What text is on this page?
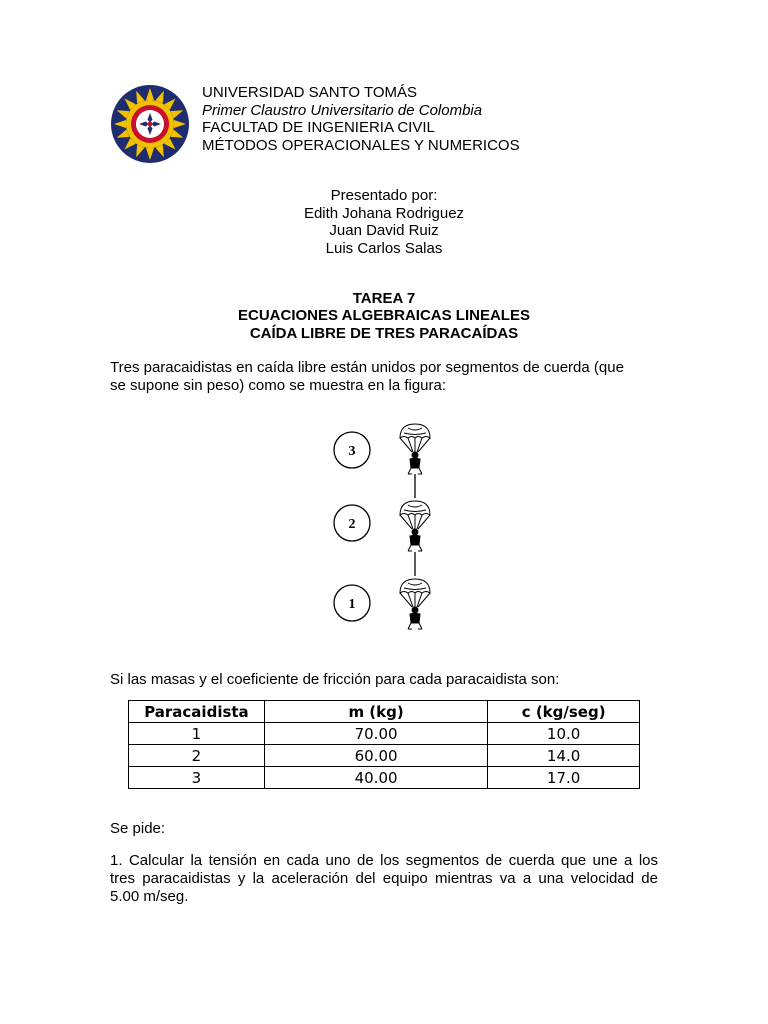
UNIVERSIDAD SANTO TOMÁS
Primer Claustro Universitario de Colombia
FACULTAD DE INGENIERIA CIVIL
MÉTODOS OPERACIONALES Y NUMERICOS
Presentado por:
Edith Johana Rodriguez
Juan David Ruiz
Luis Carlos Salas
TAREA 7
ECUACIONES ALGEBRAICAS LINEALES
CAÍDA LIBRE DE TRES PARACAÍDAS
Tres paracaidistas en caída libre están unidos por segmentos de cuerda (que
se supone sin peso) como se muestra en la figura:
3
2
1
Si las masas y el coeficiente de fricción para cada paracaidista son:
Paracaidista	m (kg)	c (kg/seg)
1	70.00	10.0
2	60.00	14.0
3	40.00	17.0
Se pide:
1. Calcular la tensión en cada uno de los segmentos de cuerda que une a los
tres paracaidistas y la aceleración del equipo mientras va a una velocidad de
5.00 m/seg.
